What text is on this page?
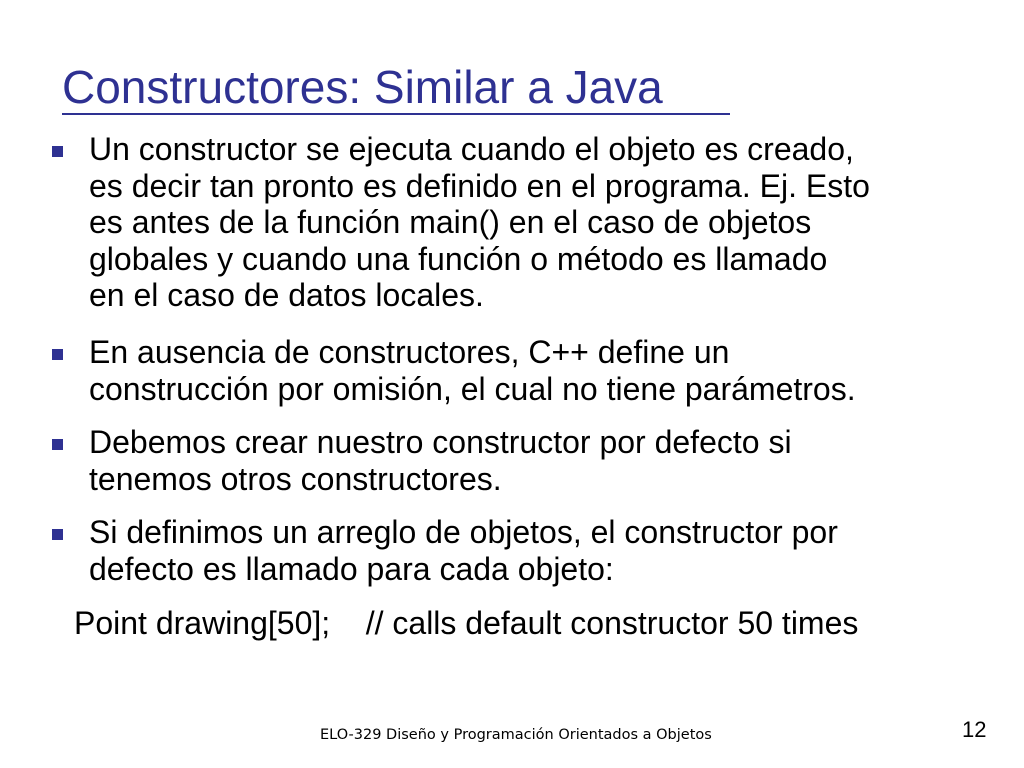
Constructores: Similar a Java

Un constructor se ejecuta cuando el objeto es creado,
es decir tan pronto es definido en el programa. Ej. Esto
es antes de la función main() en el caso de objetos
globales y cuando una función o método es llamado
en el caso de datos locales.

En ausencia de constructores, C++ define un
construcción por omisión, el cual no tiene parámetros.

Debemos crear nuestro constructor por defecto si
tenemos otros constructores.

Si definimos un arreglo de objetos, el constructor por
defecto es llamado para cada objeto:

Point drawing[50];    // calls default constructor 50 times

ELO-329 Diseño y Programación Orientados a Objetos	12
